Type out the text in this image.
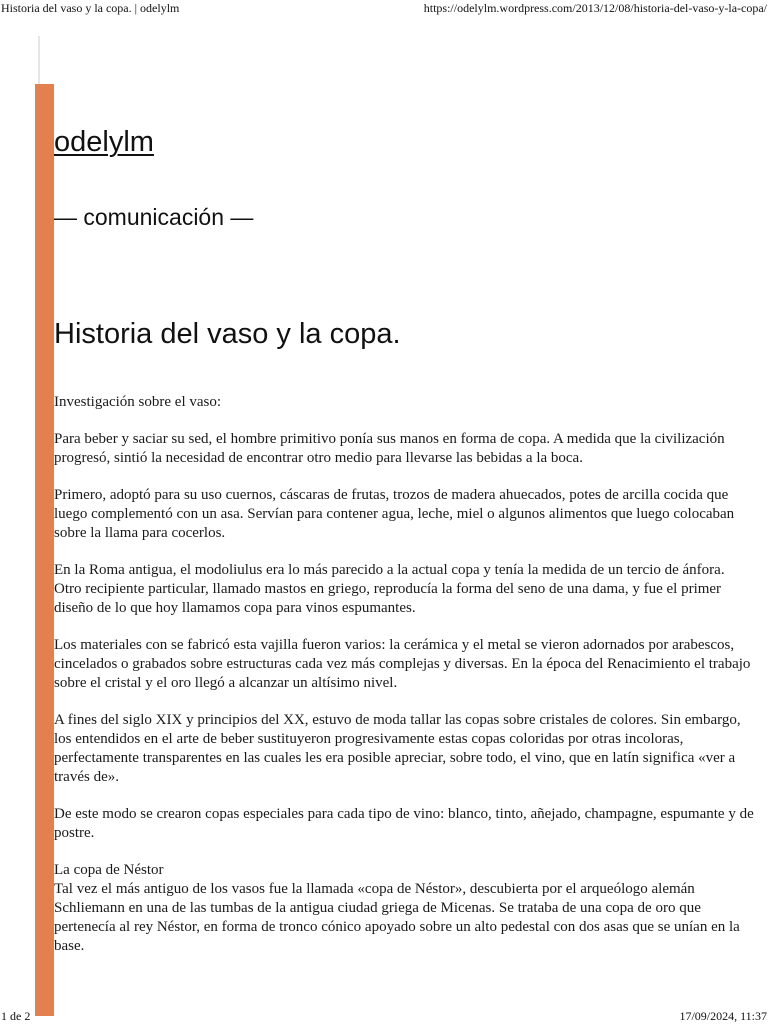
Historia del vaso y la copa. | odelylm	https://odelylm.wordpress.com/2013/12/08/historia-del-vaso-y-la-copa/
odelylm
— comunicación —
Historia del vaso y la copa.

Investigación sobre el vaso:

Para beber y saciar su sed, el hombre primitivo ponía sus manos en forma de copa. A medida que la civilización progresó, sintió la necesidad de encontrar otro medio para llevarse las bebidas a la boca.

Primero, adoptó para su uso cuernos, cáscaras de frutas, trozos de madera ahuecados, potes de arcilla cocida que luego complementó con un asa. Servían para contener agua, leche, miel o algunos alimentos que luego colocaban sobre la llama para cocerlos.

En la Roma antigua, el modoliulus era lo más parecido a la actual copa y tenía la medida de un tercio de ánfora. Otro recipiente particular, llamado mastos en griego, reproducía la forma del seno de una dama, y fue el primer diseño de lo que hoy llamamos copa para vinos espumantes.

Los materiales con se fabricó esta vajilla fueron varios: la cerámica y el metal se vieron adornados por arabescos, cincelados o grabados sobre estructuras cada vez más complejas y diversas. En la época del Renacimiento el trabajo sobre el cristal y el oro llegó a alcanzar un altísimo nivel.

A fines del siglo XIX y principios del XX, estuvo de moda tallar las copas sobre cristales de colores. Sin embargo, los entendidos en el arte de beber sustituyeron progresivamente estas copas coloridas por otras incoloras, perfectamente transparentes en las cuales les era posible apreciar, sobre todo, el vino, que en latín significa «ver a través de».

De este modo se crearon copas especiales para cada tipo de vino: blanco, tinto, añejado, champagne, espumante y de postre.

La copa de Néstor

Tal vez el más antiguo de los vasos fue la llamada «copa de Néstor», descubierta por el arqueólogo alemán Schliemann en una de las tumbas de la antigua ciudad griega de Micenas. Se trataba de una copa de oro que pertenecía al rey Néstor, en forma de tronco cónico apoyado sobre un alto pedestal con dos asas que se unían en la base.

1 de 2	17/09/2024, 11:37
